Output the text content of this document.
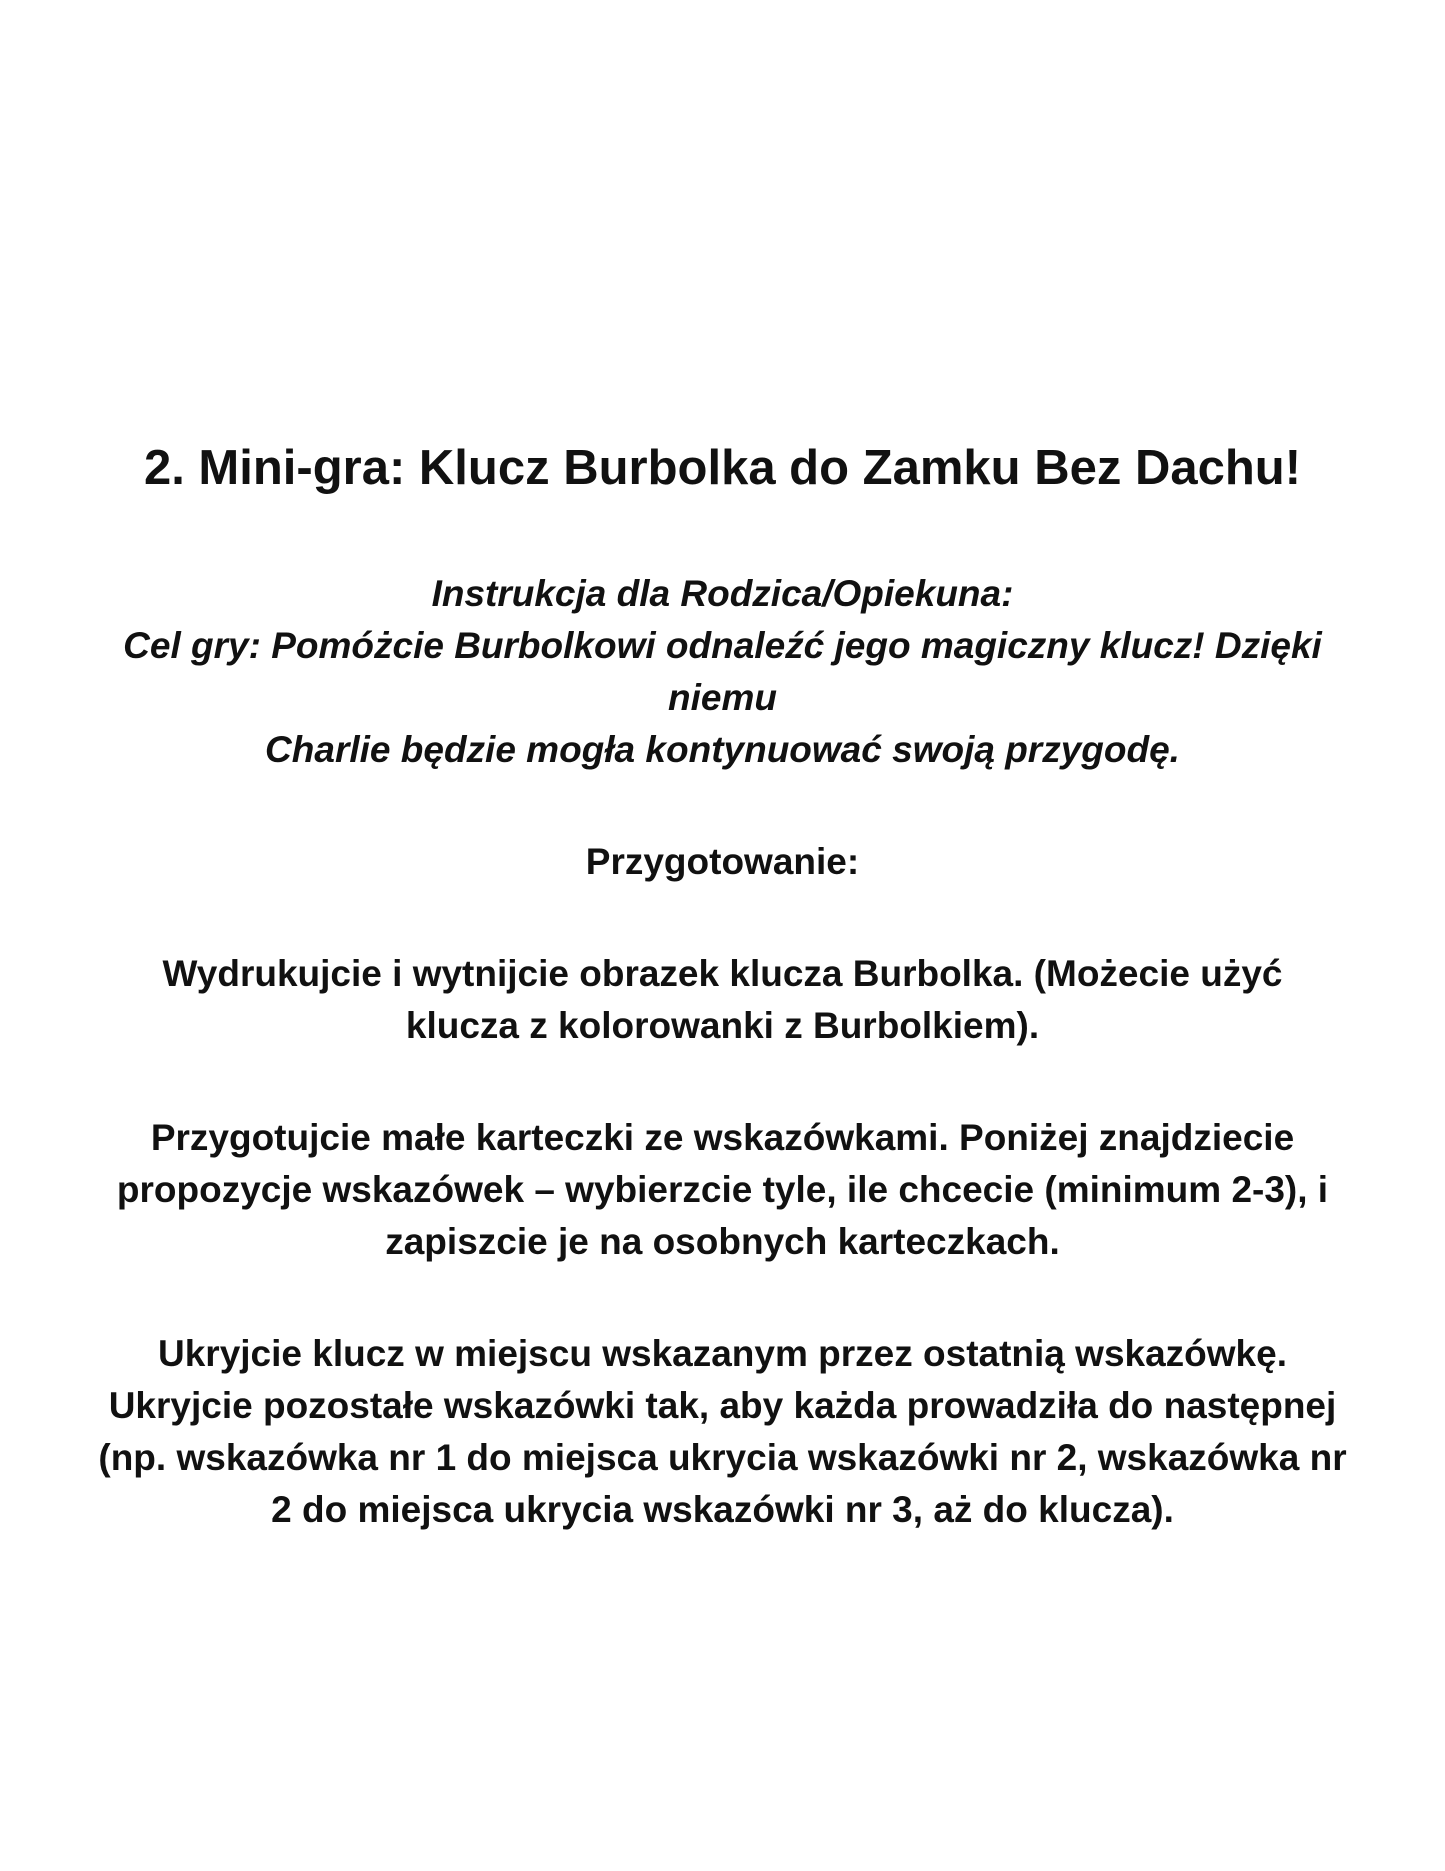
2. Mini-gra: Klucz Burbolka do Zamku Bez Dachu!
Instrukcja dla Rodzica/Opiekuna:
Cel gry: Pomóżcie Burbolkowi odnaleźć jego magiczny klucz! Dzięki niemu
Charlie będzie mogła kontynuować swoją przygodę.
Przygotowanie:
Wydrukujcie i wytnijcie obrazek klucza Burbolka. (Możecie użyć
klucza z kolorowanki z Burbolkiem).
Przygotujcie małe karteczki ze wskazówkami. Poniżej znajdziecie
propozycje wskazówek – wybierzcie tyle, ile chcecie (minimum 2-3), i
zapiszcie je na osobnych karteczkach.
Ukryjcie klucz w miejscu wskazanym przez ostatnią wskazówkę.
Ukryjcie pozostałe wskazówki tak, aby każda prowadziła do następnej
(np. wskazówka nr 1 do miejsca ukrycia wskazówki nr 2, wskazówka nr
2 do miejsca ukrycia wskazówki nr 3, aż do klucza).
